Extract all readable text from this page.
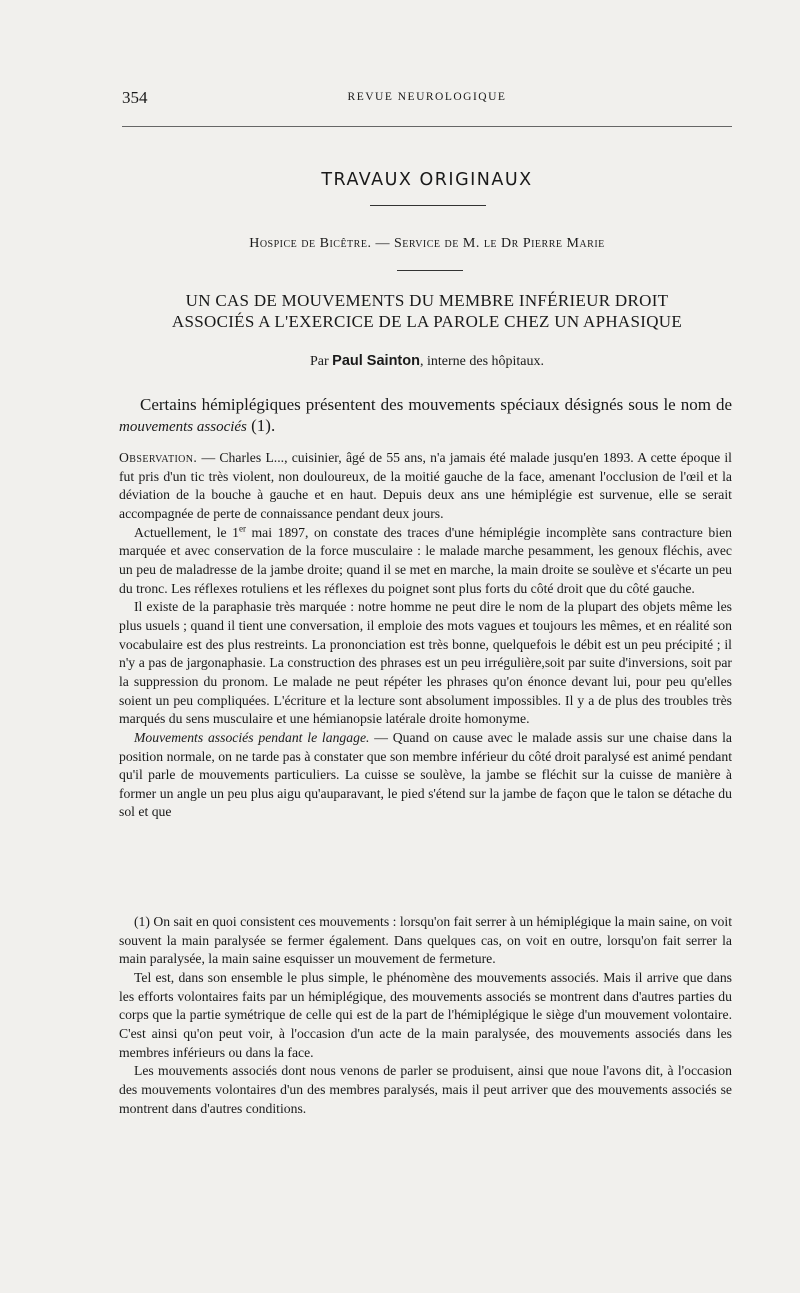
354	REVUE NEUROLOGIQUE
TRAVAUX ORIGINAUX
Hospice de Bicêtre. — Service de M. le Dr Pierre Marie
UN CAS DE MOUVEMENTS DU MEMBRE INFÉRIEUR DROIT
ASSOCIÉS A L'EXERCICE DE LA PAROLE CHEZ UN APHASIQUE
Par Paul Sainton, interne des hôpitaux.
Certains hémiplégiques présentent des mouvements spéciaux désignés sous le nom de mouvements associés (1).

Observation. — Charles L..., cuisinier, âgé de 55 ans, n'a jamais été malade jusqu'en 1893. A cette époque il fut pris d'un tic très violent, non douloureux, de la moitié gauche de la face, amenant l'occlusion de l'œil et la déviation de la bouche à gauche et en haut. Depuis deux ans une hémiplégie est survenue, elle se serait accompagnée de perte de connaissance pendant deux jours.

Actuellement, le 1er mai 1897, on constate des traces d'une hémiplégie incomplète sans contracture bien marquée et avec conservation de la force musculaire : le malade marche pesamment, les genoux fléchis, avec un peu de maladresse de la jambe droite; quand il se met en marche, la main droite se soulève et s'écarte un peu du tronc. Les réflexes rotuliens et les réflexes du poignet sont plus forts du côté droit que du côté gauche.

Il existe de la paraphasie très marquée : notre homme ne peut dire le nom de la plupart des objets même les plus usuels ; quand il tient une conversation, il emploie des mots vagues et toujours les mêmes, et en réalité son vocabulaire est des plus restreints. La prononciation est très bonne, quelquefois le débit est un peu précipité ; il n'y a pas de jargonaphasie. La construction des phrases est un peu irrégulière,soit par suite d'inversions, soit par la suppression du pronom. Le malade ne peut répéter les phrases qu'on énonce devant lui, pour peu qu'elles soient un peu compliquées. L'écriture et la lecture sont absolument impossibles. Il y a de plus des troubles très marqués du sens musculaire et une hémianopsie latérale droite homonyme.

Mouvements associés pendant le langage. — Quand on cause avec le malade assis sur une chaise dans la position normale, on ne tarde pas à constater que son membre inférieur du côté droit paralysé est animé pendant qu'il parle de mouvements particuliers. La cuisse se soulève, la jambe se fléchit sur la cuisse de manière à former un angle un peu plus aigu qu'auparavant, le pied s'étend sur la jambe de façon que le talon se détache du sol et que

(1) On sait en quoi consistent ces mouvements : lorsqu'on fait serrer à un hémiplégique la main saine, on voit souvent la main paralysée se fermer également. Dans quelques cas, on voit en outre, lorsqu'on fait serrer la main paralysée, la main saine esquisser un mouvement de fermeture.

Tel est, dans son ensemble le plus simple, le phénomène des mouvements associés. Mais il arrive que dans les efforts volontaires faits par un hémiplégique, des mouvements associés se montrent dans d'autres parties du corps que la partie symétrique de celle qui est de la part de l'hémiplégique le siège d'un mouvement volontaire. C'est ainsi qu'on peut voir, à l'occasion d'un acte de la main paralysée, des mouvements associés dans les membres inférieurs ou dans la face.

Les mouvements associés dont nous venons de parler se produisent, ainsi que noue l'avons dit, à l'occasion des mouvements volontaires d'un des membres paralysés, mais il peut arriver que des mouvements associés se montrent dans d'autres conditions.
